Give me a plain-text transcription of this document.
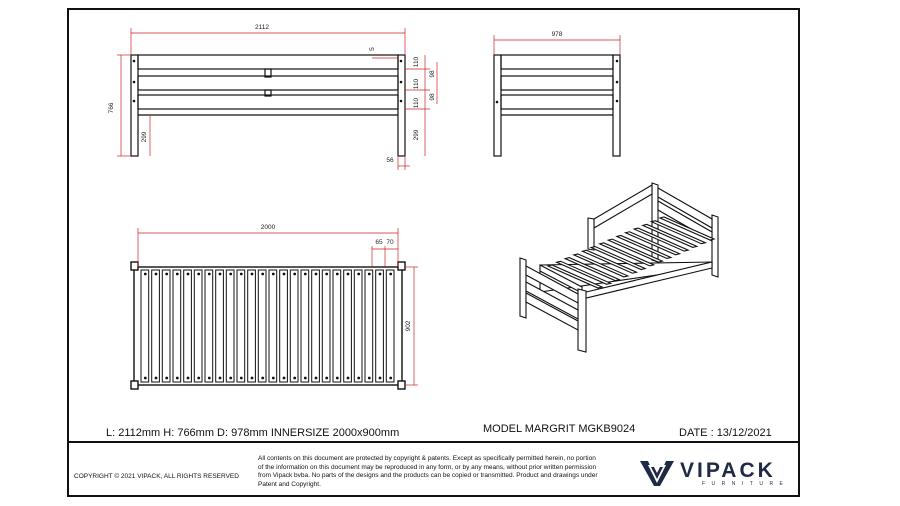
2112
766
299
5
110
110
110
98
98
299
56
978
2000
65 70
902
L: 2112mm H: 766mm D: 978mm INNERSIZE 2000x900mm	MODEL MARGRIT MGKB9024	DATE : 13/12/2021
COPYRIGHT © 2021 VIPACK, ALL RIGHTS RESERVED
All contents on this document are protected by copyright & patents. Except as specifically permitted herein, no portion of the information on this document may be reproduced in any form, or by any means, without prior written permission from Vipack bvba. No parts of the designs and the products can be copied or transmitted. Product and drawings under Patent and Copyright.
VIPACK
FURNITURE
